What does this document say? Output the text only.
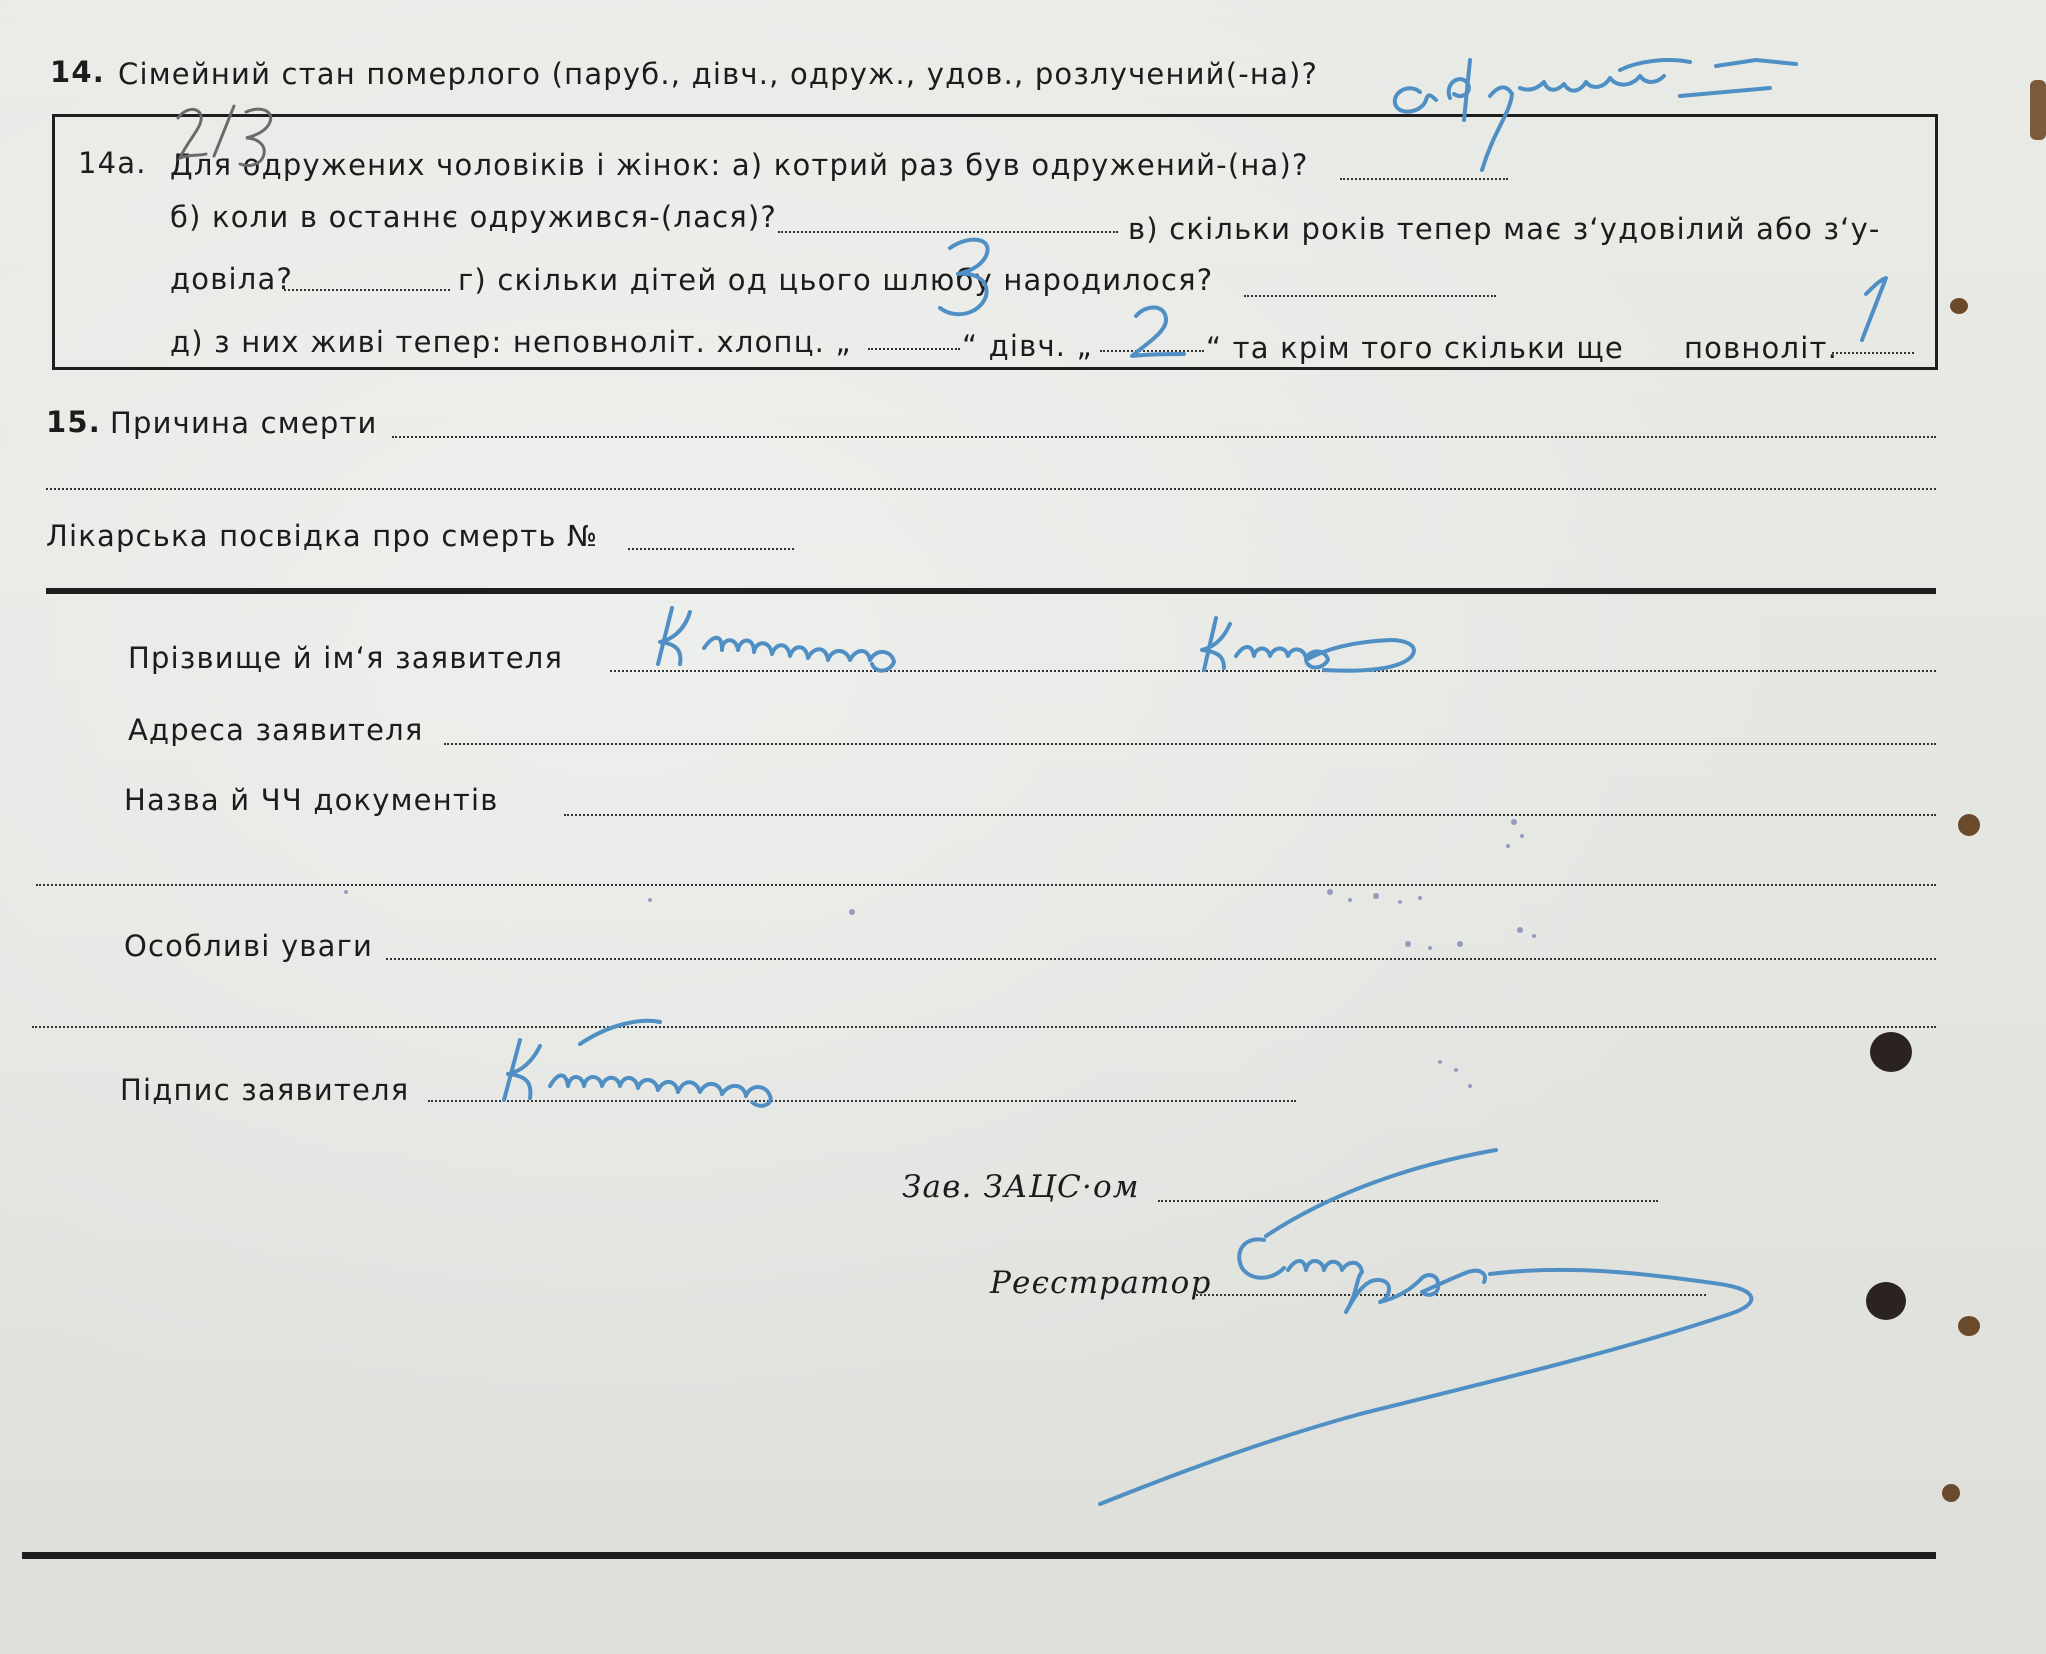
14. Сімейний стан померлого (паруб., дівч., одруж., удов., розлучений(-на)?
14а. Для одружених чоловіків і жінок: а) котрий раз був одружений-(на)?
б) коли в останнє одружився-(лася)?	в) скільки років тепер має з‘удовілий або з‘у-
довіла?	г) скільки дітей од цього шлюбу народилося?
д) з них живі тепер: неповноліт. хлопц. „	“ дівч. „	“ та крім того скільки ще повноліт.
15. Причина смерти
Лікарська посвідка про смерть №
Прізвище й ім‘я заявителя
Адреса заявителя
Назва й ЧЧ документів
Особливі уваги
Підпис заявителя
Зав. ЗАЦС·ом
Реєстратор
